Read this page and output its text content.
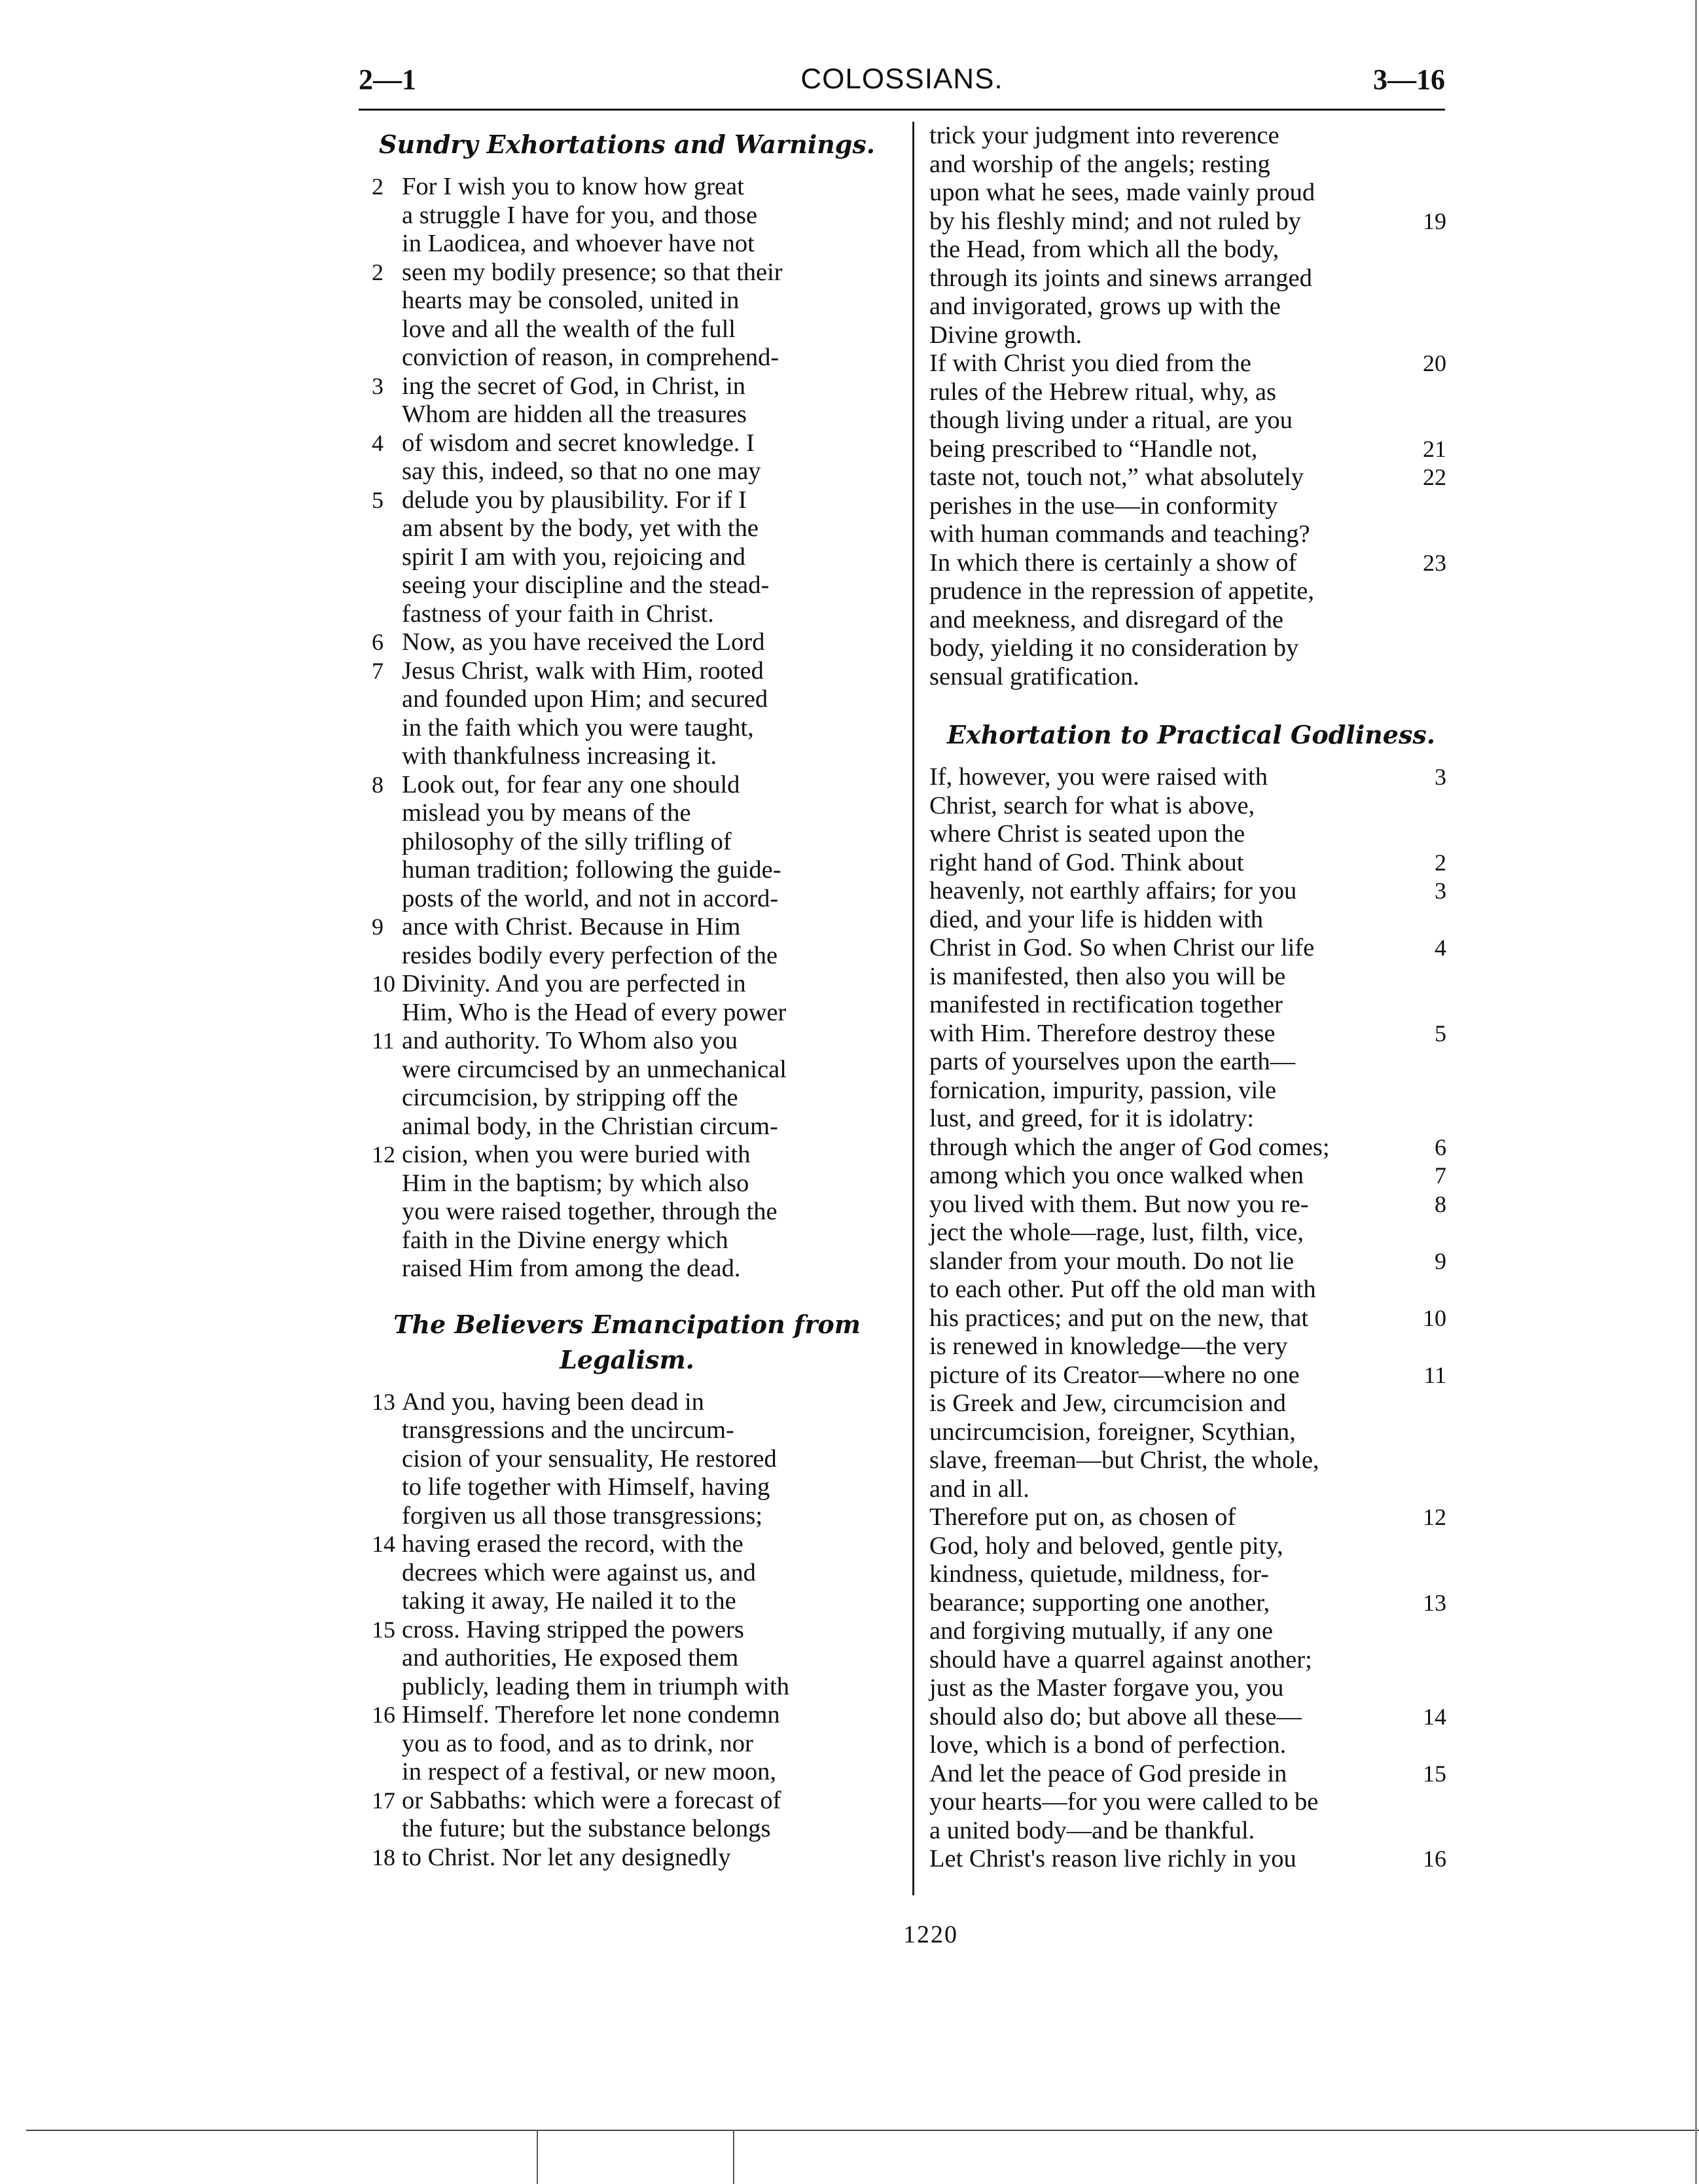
2—1	COLOSSIANS.	3—16
Sundry Exhortations and Warnings.
2 For I wish you to know how great
a struggle I have for you, and those
in Laodicea, and whoever have not
2 seen my bodily presence; so that their
hearts may be consoled, united in
love and all the wealth of the full
conviction of reason, in comprehend-
3 ing the secret of God, in Christ, in
Whom are hidden all the treasures
4 of wisdom and secret knowledge. I
say this, indeed, so that no one may
5 delude you by plausibility. For if I
am absent by the body, yet with the
spirit I am with you, rejoicing and
seeing your discipline and the stead-
fastness of your faith in Christ.
6 Now, as you have received the Lord
7 Jesus Christ, walk with Him, rooted
and founded upon Him; and secured
in the faith which you were taught,
with thankfulness increasing it.
8 Look out, for fear any one should
mislead you by means of the
philosophy of the silly trifling of
human tradition; following the guide-
posts of the world, and not in accord-
9 ance with Christ. Because in Him
resides bodily every perfection of the
10 Divinity. And you are perfected in
Him, Who is the Head of every power
11 and authority. To Whom also you
were circumcised by an unmechanical
circumcision, by stripping off the
animal body, in the Christian circum-
12 cision, when you were buried with
Him in the baptism; by which also
you were raised together, through the
faith in the Divine energy which
raised Him from among the dead.
The Believers Emancipation from Legalism.
13 And you, having been dead in
transgressions and the uncircum-
cision of your sensuality, He restored
to life together with Himself, having
forgiven us all those transgressions;
14 having erased the record, with the
decrees which were against us, and
taking it away, He nailed it to the
15 cross. Having stripped the powers
and authorities, He exposed them
publicly, leading them in triumph with
16 Himself. Therefore let none condemn
you as to food, and as to drink, nor
in respect of a festival, or new moon,
17 or Sabbaths: which were a forecast of
the future; but the substance belongs
18 to Christ. Nor let any designedly
trick your judgment into reverence
and worship of the angels; resting
upon what he sees, made vainly proud
19
by his fleshly mind; and not ruled by
the Head, from which all the body,
through its joints and sinews arranged
and invigorated, grows up with the
Divine growth.
20
If with Christ you died from the
rules of the Hebrew ritual, why, as
though living under a ritual, are you
21
being prescribed to “Handle not,
22
taste not, touch not,” what absolutely
perishes in the use—in conformity
with human commands and teaching?
23
In which there is certainly a show of
prudence in the repression of appetite,
and meekness, and disregard of the
body, yielding it no consideration by
sensual gratification.
Exhortation to Practical Godliness.
3
If, however, you were raised with
Christ, search for what is above,
where Christ is seated upon the
2
right hand of God. Think about
3
heavenly, not earthly affairs; for you
died, and your life is hidden with
4
Christ in God. So when Christ our life
is manifested, then also you will be
manifested in rectification together
5
with Him. Therefore destroy these
parts of yourselves upon the earth—
fornication, impurity, passion, vile
lust, and greed, for it is idolatry:
6
through which the anger of God comes;
7
among which you once walked when
8
you lived with them. But now you re-
ject the whole—rage, lust, filth, vice,
9
slander from your mouth. Do not lie
to each other. Put off the old man with
10
his practices; and put on the new, that
is renewed in knowledge—the very
11
picture of its Creator—where no one
is Greek and Jew, circumcision and
uncircumcision, foreigner, Scythian,
slave, freeman—but Christ, the whole,
and in all.
12
Therefore put on, as chosen of
God, holy and beloved, gentle pity,
kindness, quietude, mildness, for-
13
bearance; supporting one another,
and forgiving mutually, if any one
should have a quarrel against another;
just as the Master forgave you, you
14
should also do; but above all these—
love, which is a bond of perfection.
15
And let the peace of God preside in
your hearts—for you were called to be
a united body—and be thankful.
16
Let Christ's reason live richly in you
1220
